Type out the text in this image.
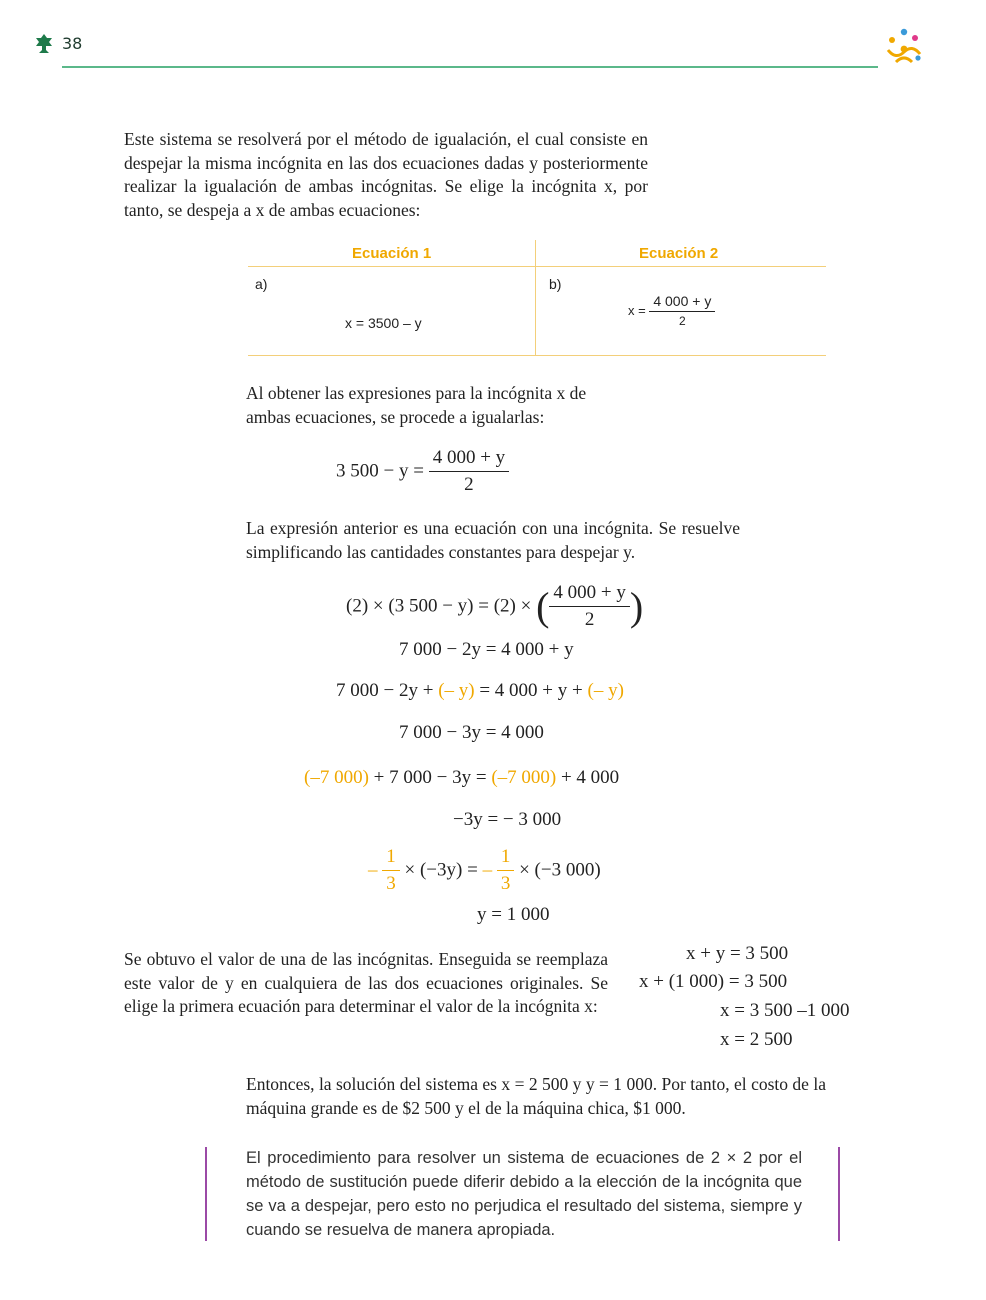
38
Este sistema se resolverá por el método de igualación, el cual consiste en despejar la misma incógnita en las dos ecuaciones dadas y posteriormente realizar la igualación de ambas incógnitas. Se elige la incógnita x, por tanto, se despeja a x de ambas ecuaciones:
Ecuación 1	Ecuación 2
a)	b)
x = 3500 – y
$x = \frac{4 000 + y}{2}$
Al obtener las expresiones para la incógnita x de ambas ecuaciones, se procede a igualarlas:
3 $500 - y = \frac{4 000 + y}{2}$
La expresión anterior es una ecuación con una incógnita. Se resuelve simplificando las cantidades constantes para despejar y.
(2) × (3 500 − y) = (2) × ( $\frac{4 000 + y}{2}$ )
7 000 − 2y = 4 000 + y
7 000 − 2y + (– y) = 4 000 + y + (– y)
7 000 − 3y = 4 000
(–7 000) + 7 000 − 3y = (–7 000) + 4 000
−3y = − 3 000
– $\frac{1}{3} \times (-3y)$ = – $\frac{1}{3} \times (-3$ 000)
y = 1 000
Se obtuvo el valor de una de las incógnitas. Enseguida se reemplaza este valor de y en cualquiera de las dos ecuaciones originales. Se elige la primera ecuación para determinar el valor de la incógnita x:
x + y = 3 500
x + (1 000) = 3 500
x = 3 500 –1 000
x = 2 500
Entonces, la solución del sistema es x = 2 500 y y = 1 000. Por tanto, el costo de la máquina grande es de $2 500 y el de la máquina chica, $1 000.
El procedimiento para resolver un sistema de ecuaciones de 2 × 2 por el método de sustitución puede diferir debido a la elección de la incógnita que se va a despejar, pero esto no perjudica el resultado del sistema, siempre y cuando se resuelva de manera apropiada.
